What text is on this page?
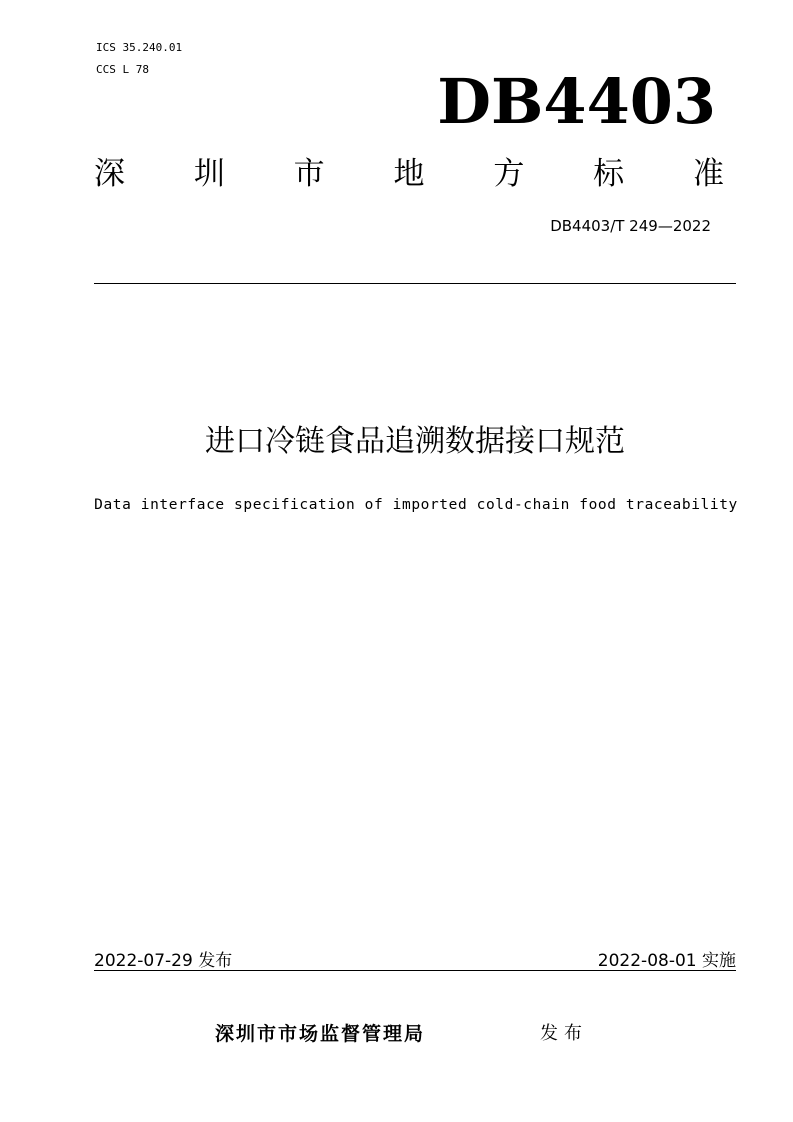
ICS 35.240.01
CCS L 78	DB4403
深 圳 市 地 方 标 准
DB4403/T 249—2022
进口冷链食品追溯数据接口规范
Data interface specification of imported cold-chain food traceability
2022-07-29 发布	2022-08-01 实施
深圳市市场监督管理局	发布
